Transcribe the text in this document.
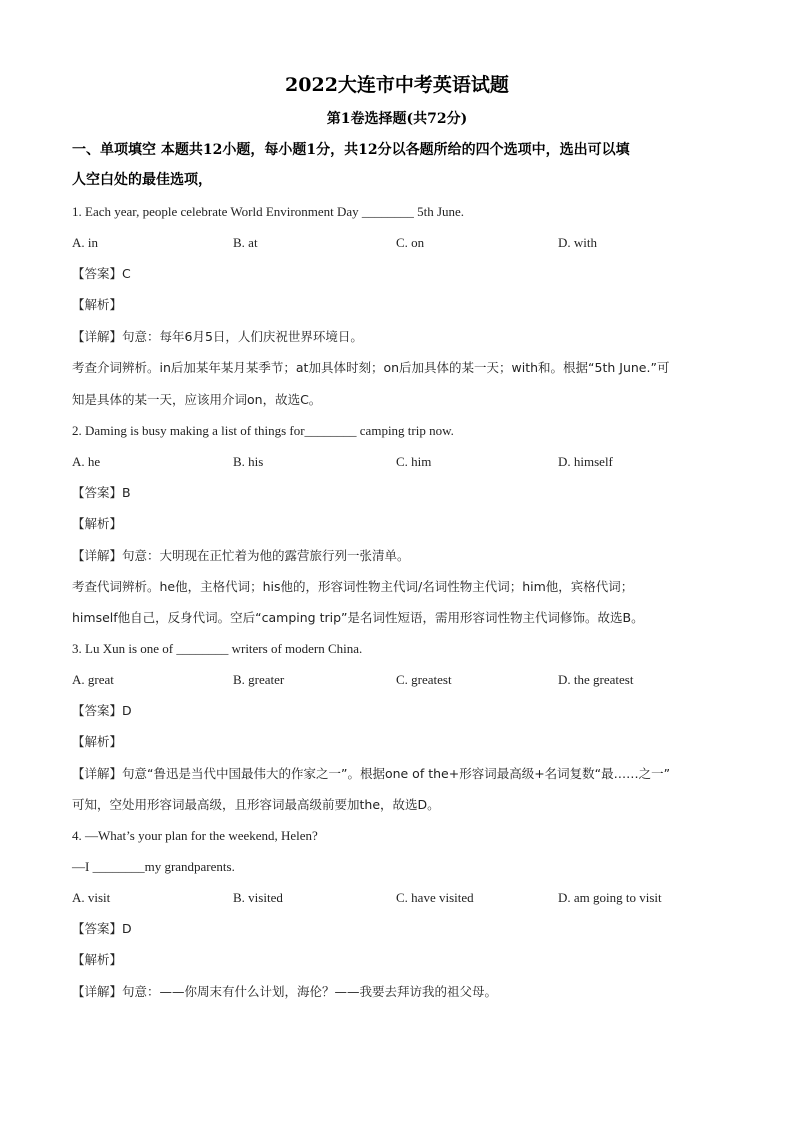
2022大连市中考英语试题
第1卷选择题(共72分)
一、单项填空 本题共12小题，每小题1分，共12分以各题所给的四个选项中，选出可以填
人空白处的最佳选项，
1. Each year, people celebrate World Environment Day ________ 5th June.
A. in	B. at	C. on	D. with
【答案】C
【解析】
【详解】句意：每年6月5日，人们庆祝世界环境日。
考查介词辨析。in后加某年某月某季节；at加具体时刻；on后加具体的某一天；with和。根据“5th June.”可
知是具体的某一天，应该用介词on，故选C。
2. Daming is busy making a list of things for________ camping trip now.
A. he	B. his	C. him	D. himself
【答案】B
【解析】
【详解】句意：大明现在正忙着为他的露营旅行列一张清单。
考查代词辨析。he他，主格代词；his他的，形容词性物主代词/名词性物主代词；him他，宾格代词；
himself他自己，反身代词。空后“camping trip”是名词性短语，需用形容词性物主代词修饰。故选B。
3. Lu Xun is one of ________ writers of modern China.
A. great	B. greater	C. greatest	D. the greatest
【答案】D
【解析】
【详解】句意“鲁迅是当代中国最伟大的作家之一”。根据one of the+形容词最高级+名词复数“最……之一”
可知，空处用形容词最高级，且形容词最高级前要加the，故选D。
4. —What’s your plan for the weekend, Helen?
—I ________my grandparents.
A. visit	B. visited	C. have visited	D. am going to visit
【答案】D
【解析】
【详解】句意：——你周末有什么计划，海伦？——我要去拜访我的祖父母。
